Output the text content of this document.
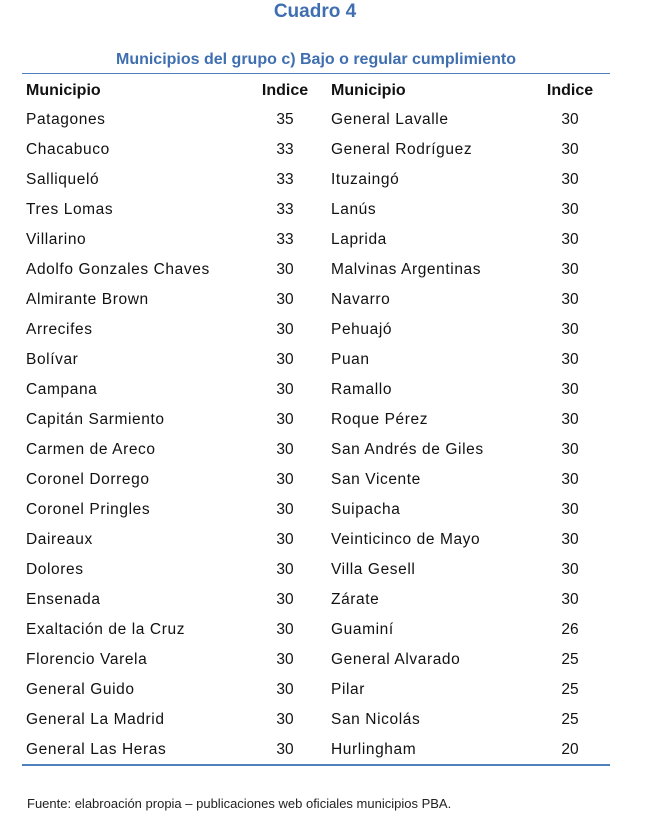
Cuadro 4
Municipios del grupo c) Bajo o regular cumplimiento
Municipio	Indice	Municipio	Indice
Patagones	35	General Lavalle	30
Chacabuco	33	General Rodríguez	30
Salliqueló	33	Ituzaingó	30
Tres Lomas	33	Lanús	30
Villarino	33	Laprida	30
Adolfo Gonzales Chaves	30	Malvinas Argentinas	30
Almirante Brown	30	Navarro	30
Arrecifes	30	Pehuajó	30
Bolívar	30	Puan	30
Campana	30	Ramallo	30
Capitán Sarmiento	30	Roque Pérez	30
Carmen de Areco	30	San Andrés de Giles	30
Coronel Dorrego	30	San Vicente	30
Coronel Pringles	30	Suipacha	30
Daireaux	30	Veinticinco de Mayo	30
Dolores	30	Villa Gesell	30
Ensenada	30	Zárate	30
Exaltación de la Cruz	30	Guaminí	26
Florencio Varela	30	General Alvarado	25
General Guido	30	Pilar	25
General La Madrid	30	San Nicolás	25
General Las Heras	30	Hurlingham	20
Fuente: elabroación propia – publicaciones web oficiales municipios PBA.
